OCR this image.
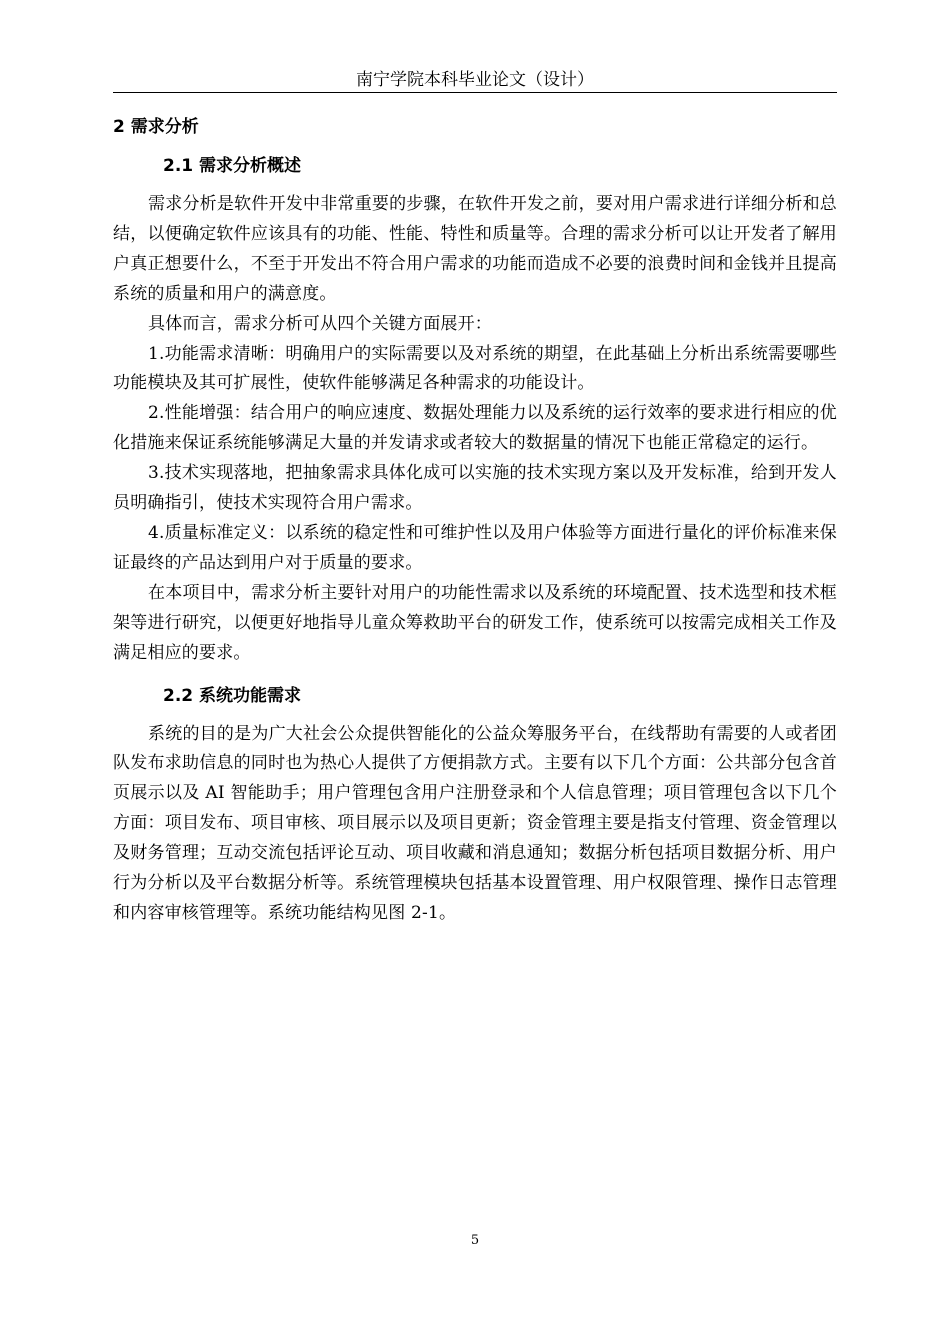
南宁学院本科毕业论文（设计）
2 需求分析
2.1 需求分析概述

需求分析是软件开发中非常重要的步骤，在软件开发之前，要对用户需求进行详细分析和总结，以便确定软件应该具有的功能、性能、特性和质量等。合理的需求分析可以让开发者了解用户真正想要什么，不至于开发出不符合用户需求的功能而造成不必要的浪费时间和金钱并且提高系统的质量和用户的满意度。

具体而言，需求分析可从四个关键方面展开：

1.功能需求清晰：明确用户的实际需要以及对系统的期望，在此基础上分析出系统需要哪些功能模块及其可扩展性，使软件能够满足各种需求的功能设计。

2.性能增强：结合用户的响应速度、数据处理能力以及系统的运行效率的要求进行相应的优化措施来保证系统能够满足大量的并发请求或者较大的数据量的情况下也能正常稳定的运行。

3.技术实现落地，把抽象需求具体化成可以实施的技术实现方案以及开发标准，给到开发人员明确指引，使技术实现符合用户需求。

4.质量标准定义：以系统的稳定性和可维护性以及用户体验等方面进行量化的评价标准来保证最终的产品达到用户对于质量的要求。

在本项目中，需求分析主要针对用户的功能性需求以及系统的环境配置、技术选型和技术框架等进行研究，以便更好地指导儿童众筹救助平台的研发工作，使系统可以按需完成相关工作及满足相应的要求。

2.2 系统功能需求

系统的目的是为广大社会公众提供智能化的公益众筹服务平台，在线帮助有需要的人或者团队发布求助信息的同时也为热心人提供了方便捐款方式。主要有以下几个方面：公共部分包含首页展示以及 AI 智能助手；用户管理包含用户注册登录和个人信息管理；项目管理包含以下几个方面：项目发布、项目审核、项目展示以及项目更新；资金管理主要是指支付管理、资金管理以及财务管理；互动交流包括评论互动、项目收藏和消息通知；数据分析包括项目数据分析、用户行为分析以及平台数据分析等。系统管理模块包括基本设置管理、用户权限管理、操作日志管理和内容审核管理等。系统功能结构见图 2-1。

5
